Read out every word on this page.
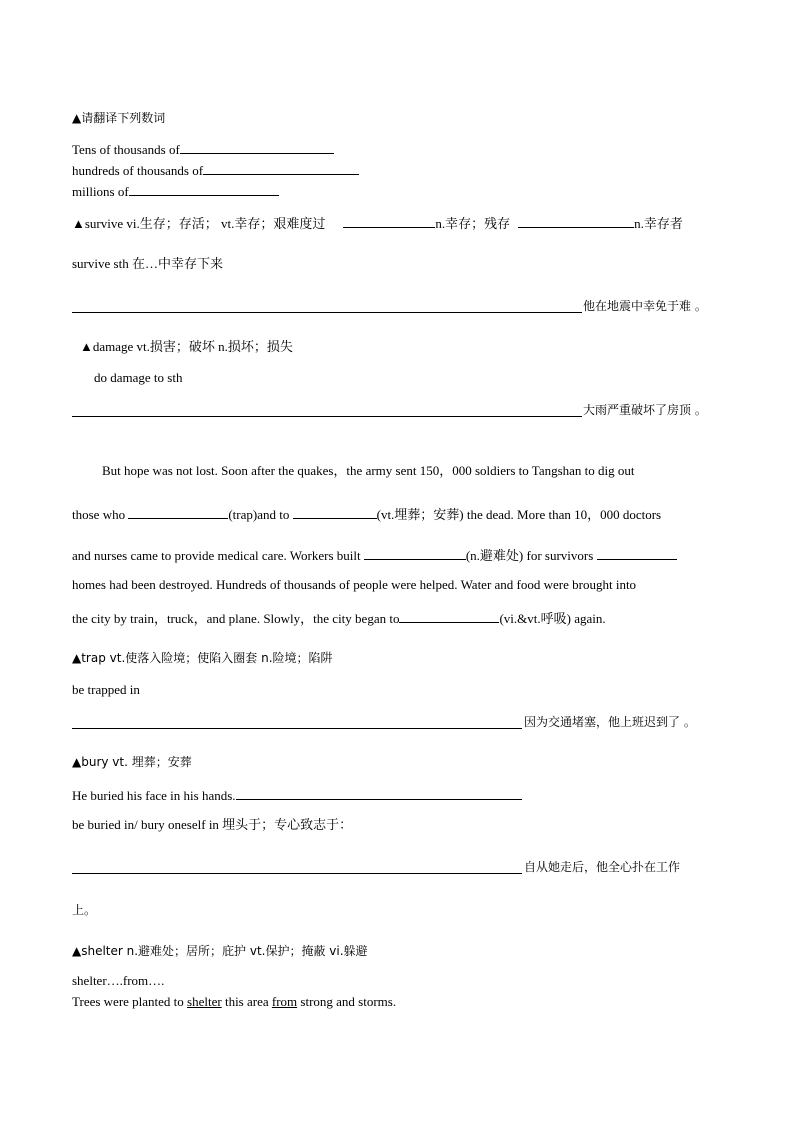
▲请翻译下列数词
Tens of thousands of
hundreds of thousands of
millions of
▲survive vi.生存；存活； vt.幸存；艰难度过	n.幸存；残存	n.幸存者
survive sth 在…中幸存下来
他在地震中幸免于难 。
▲damage vt.损害；破坏 n.损坏；损失
do damage to sth
大雨严重破坏了房顶 。
But hope was not lost. Soon after the quakes，the army sent 150，000 soldiers to Tangshan to dig out
those who	(trap)and to	(vt.埋葬；安葬) the dead. More than 10，000 doctors
and nurses came to provide medical care. Workers built	(n.避难处) for survivors
homes had been destroyed. Hundreds of thousands of people were helped. Water and food were brought into
the city by train，truck，and plane. Slowly，the city began to	(vi.&vt.呼吸) again.
▲trap vt.使落入险境；使陷入圈套 n.险境；陷阱
be trapped in
因为交通堵塞，他上班迟到了 。
▲bury vt. 埋葬；安葬
He buried his face in his hands.
be buried in/ bury oneself in 埋头于；专心致志于：
自从她走后，他全心扑在工作
上。
▲shelter n.避难处；居所；庇护 vt.保护；掩蔽 vi.躲避
shelter….from….
Trees were planted to shelter this area from strong and storms.
